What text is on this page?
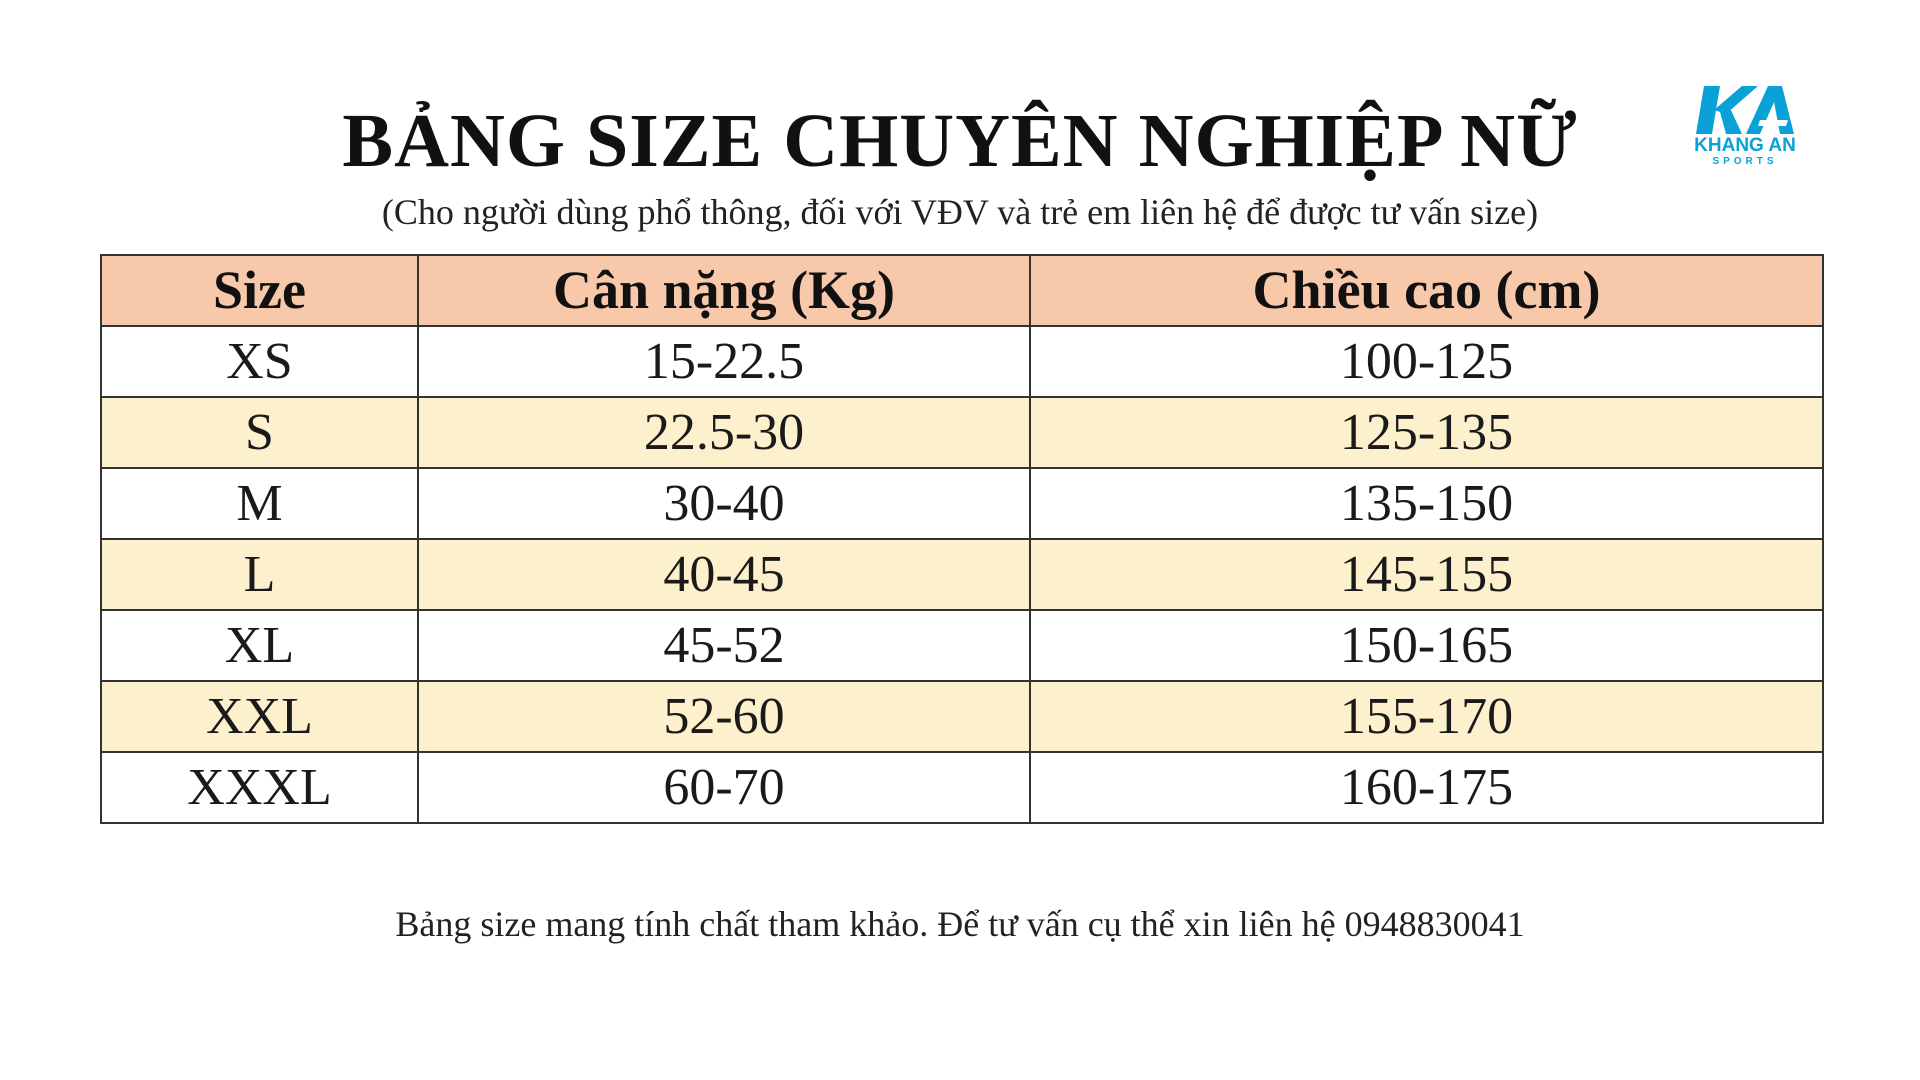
BẢNG SIZE CHUYÊN NGHIỆP NỮ
(Cho người dùng phổ thông, đối với VĐV và trẻ em liên hệ để được tư vấn size)
KHANG AN
SPORTS
Size	Cân nặng (Kg)	Chiều cao (cm)
XS	15-22.5	100-125
S	22.5-30	125-135
M	30-40	135-150
L	40-45	145-155
XL	45-52	150-165
XXL	52-60	155-170
XXXL	60-70	160-175
Bảng size mang tính chất tham khảo. Để tư vấn cụ thể xin liên hệ 0948830041
